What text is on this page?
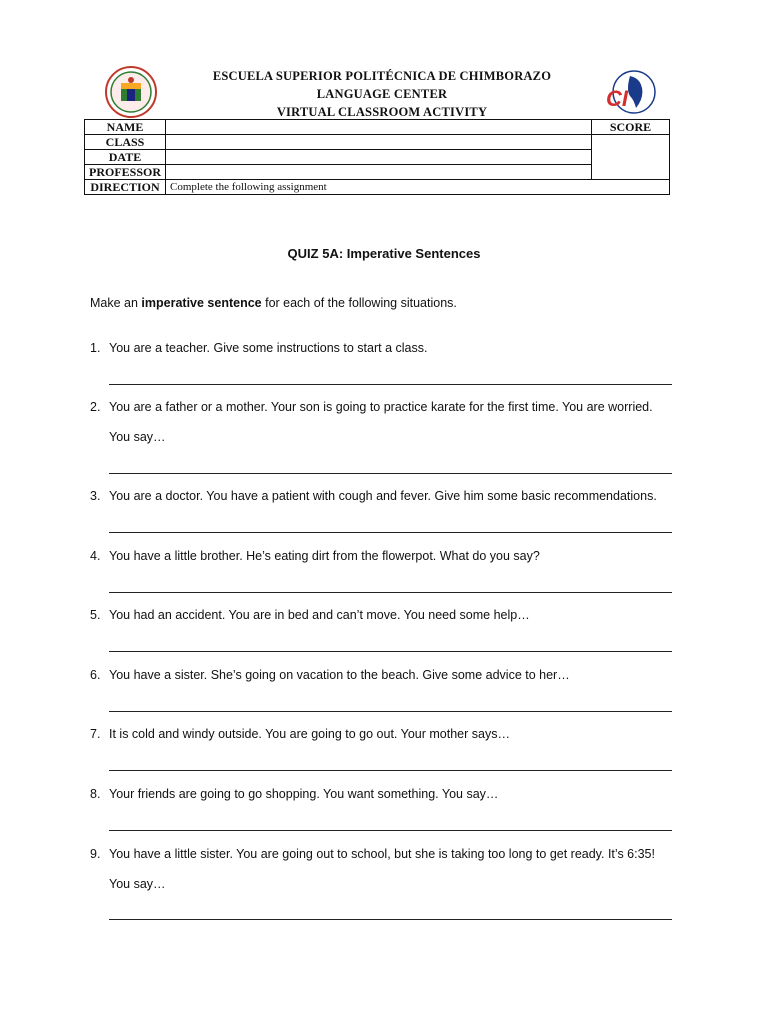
ESCUELA SUPERIOR POLITÉCNICA DE CHIMBORAZO
LANGUAGE CENTER
VIRTUAL CLASSROOM ACTIVITY
CI
NAME		SCORE
CLASS		
DATE		
PROFESSOR		
DIRECTION	Complete the following assignment	
QUIZ 5A: Imperative Sentences
Make an imperative sentence for each of the following situations.
1. You are a teacher. Give some instructions to start a class.
2. You are a father or a mother. Your son is going to practice karate for the first time. You are worried.
You say…
3. You are a doctor. You have a patient with cough and fever. Give him some basic recommendations.
4. You have a little brother. He’s eating dirt from the flowerpot. What do you say?
5. You had an accident. You are in bed and can’t move. You need some help…
6. You have a sister. She’s going on vacation to the beach. Give some advice to her…
7. It is cold and windy outside. You are going to go out. Your mother says…
8. Your friends are going to go shopping. You want something. You say…
9. You have a little sister. You are going out to school, but she is taking too long to get ready. It’s 6:35!
You say…
